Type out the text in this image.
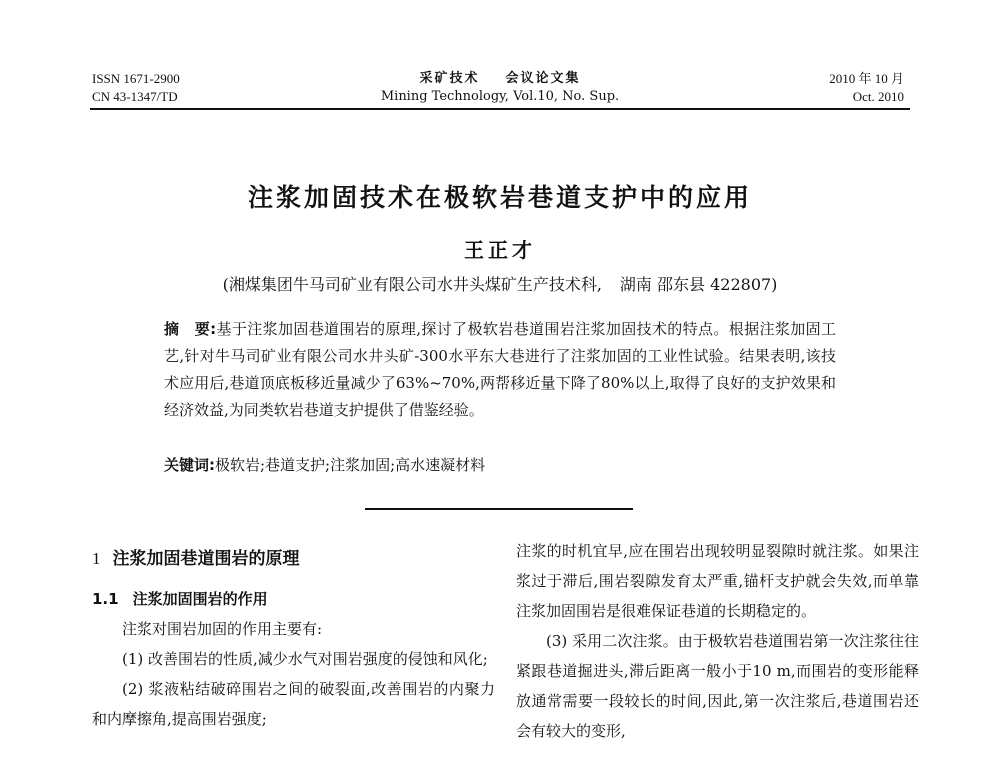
ISSN 1671-2900
CN 43-1347/TD
采矿技术 会议论文集
Mining Technology, Vol.10, No. Sup.
2010 年 10 月
Oct. 2010
注浆加固技术在极软岩巷道支护中的应用
王正才
(湘煤集团牛马司矿业有限公司水井头煤矿生产技术科, 湖南 邵东县 422807)

摘　要:基于注浆加固巷道围岩的原理,探讨了极软岩巷道围岩注浆加固技术的特点。根据注浆加固工艺,针对牛马司矿业有限公司水井头矿-300水平东大巷进行了注浆加固的工业性试验。结果表明,该技术应用后,巷道顶底板移近量减少了63%~70%,两帮移近量下降了80%以上,取得了良好的支护效果和经济效益,为同类软岩巷道支护提供了借鉴经验。

关键词:极软岩;巷道支护;注浆加固;高水速凝材料

1 注浆加固巷道围岩的原理
1.1 注浆加固围岩的作用

注浆对围岩加固的作用主要有:

(1) 改善围岩的性质,减少水气对围岩强度的侵蚀和风化;

(2) 浆液粘结破碎围岩之间的破裂面,改善围岩的内聚力和内摩擦角,提高围岩强度;

注浆的时机宜早,应在围岩出现较明显裂隙时就注浆。如果注浆过于滞后,围岩裂隙发育太严重,锚杆支护就会失效,而单靠注浆加固围岩是很难保证巷道的长期稳定的。

(3) 采用二次注浆。由于极软岩巷道围岩第一次注浆往往紧跟巷道掘进头,滞后距离一般小于10 m,而围岩的变形能释放通常需要一段较长的时间,因此,第一次注浆后,巷道围岩还会有较大的变形,
